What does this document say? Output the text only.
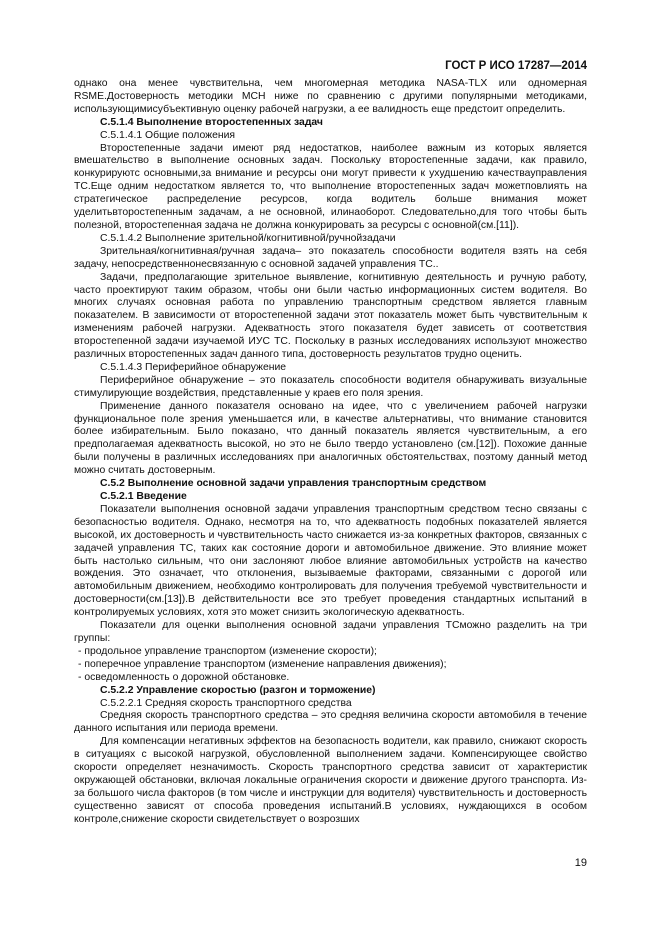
ГОСТ Р ИСО 17287—2014

однако она менее чувствительна, чем многомерная методика NASA-TLX или одномерная RSME.Достоверность методики МСН ниже по сравнению с другими популярными методиками, использующимисубъективную оценку рабочей нагрузки, а ее валидность еще предстоит определить.

С.5.1.4 Выполнение второстепенных задач

С.5.1.4.1 Общие положения

Второстепенные задачи имеют ряд недостатков, наиболее важным из которых является вмешательство в выполнение основных задач. Поскольку второстепенные задачи, как правило, конкурируютс основными,за внимание и ресурсы они могут привести к ухудшению качествауправления ТС.Еще одним недостатком является то, что выполнение второстепенных задач можетповлиять на стратегическое распределение ресурсов, когда водитель больше внимания может уделитьвторостепенным задачам, а не основной, илинаоборот. Следовательно,для того чтобы быть полезной, второстепенная задача не должна конкурировать за ресурсы с основной(см.[11]).

С.5.1.4.2 Выполнение зрительной/когнитивной/ручнойзадачи

Зрительная/когнитивная/ручная задача– это показатель способности водителя взять на себя задачу, непосредственнонесвязанную с основной задачей управления ТС..

Задачи, предполагающие зрительное выявление, когнитивную деятельность и ручную работу, часто проектируют таким образом, чтобы они были частью информационных систем водителя. Во многих случаях основная работа по управлению транспортным средством является главным показателем. В зависимости от второстепенной задачи этот показатель может быть чувствительным к изменениям рабочей нагрузки. Адекватность этого показателя будет зависеть от соответствия второстепенной задачи изучаемой ИУС ТС. Поскольку в разных исследованиях используют множество различных второстепенных задач данного типа, достоверность результатов трудно оценить.

С.5.1.4.3 Периферийное обнаружение

Периферийное обнаружение – это показатель способности водителя обнаруживать визуальные стимулирующие воздействия, представленные у краев его поля зрения.

Применение данного показателя основано на идее, что с увеличением рабочей нагрузки функциональное поле зрения уменьшается или, в качестве альтернативы, что внимание становится более избирательным. Было показано, что данный показатель является чувствительным, а его предполагаемая адекватность высокой, но это не было твердо установлено (см.[12]). Похожие данные были получены в различных исследованиях при аналогичных обстоятельствах, поэтому данный метод можно считать достоверным.

С.5.2 Выполнение основной задачи управления транспортным средством

С.5.2.1 Введение

Показатели выполнения основной задачи управления транспортным средством тесно связаны с безопасностью водителя. Однако, несмотря на то, что адекватность подобных показателей является высокой, их достоверность и чувствительность часто снижается из-за конкретных факторов, связанных с задачей управления ТС, таких как состояние дороги и автомобильное движение. Это влияние может быть настолько сильным, что они заслоняют любое влияние автомобильных устройств на качество вождения. Это означает, что отклонения, вызываемые факторами, связанными с дорогой или автомобильным движением, необходимо контролировать для получения требуемой чувствительности и достоверности(см.[13]).В действительности все это требует проведения стандартных испытаний в контролируемых условиях, хотя это может снизить экологическую адекватность.

Показатели для оценки выполнения основной задачи управления ТСможно разделить на три группы:

- продольное управление транспортом (изменение скорости);

- поперечное управление транспортом (изменение направления движения);

- осведомленность о дорожной обстановке.

С.5.2.2 Управление скоростью (разгон и торможение)

С.5.2.2.1 Средняя скорость транспортного средства

Средняя скорость транспортного средства – это средняя величина скорости автомобиля в течение данного испытания или периода времени.

Для компенсации негативных эффектов на безопасность водители, как правило, снижают скорость в ситуациях с высокой нагрузкой, обусловленной выполнением задачи. Компенсирующее свойство скорости определяет незначимость. Скорость транспортного средства зависит от характеристик окружающей обстановки, включая локальные ограничения скорости и движение другого транспорта. Из-за большого числа факторов (в том числе и инструкции для водителя) чувствительность и достоверность существенно зависят от способа проведения испытаний.В условиях, нуждающихся в особом контроле,снижение скорости свидетельствует о возрозших

19
